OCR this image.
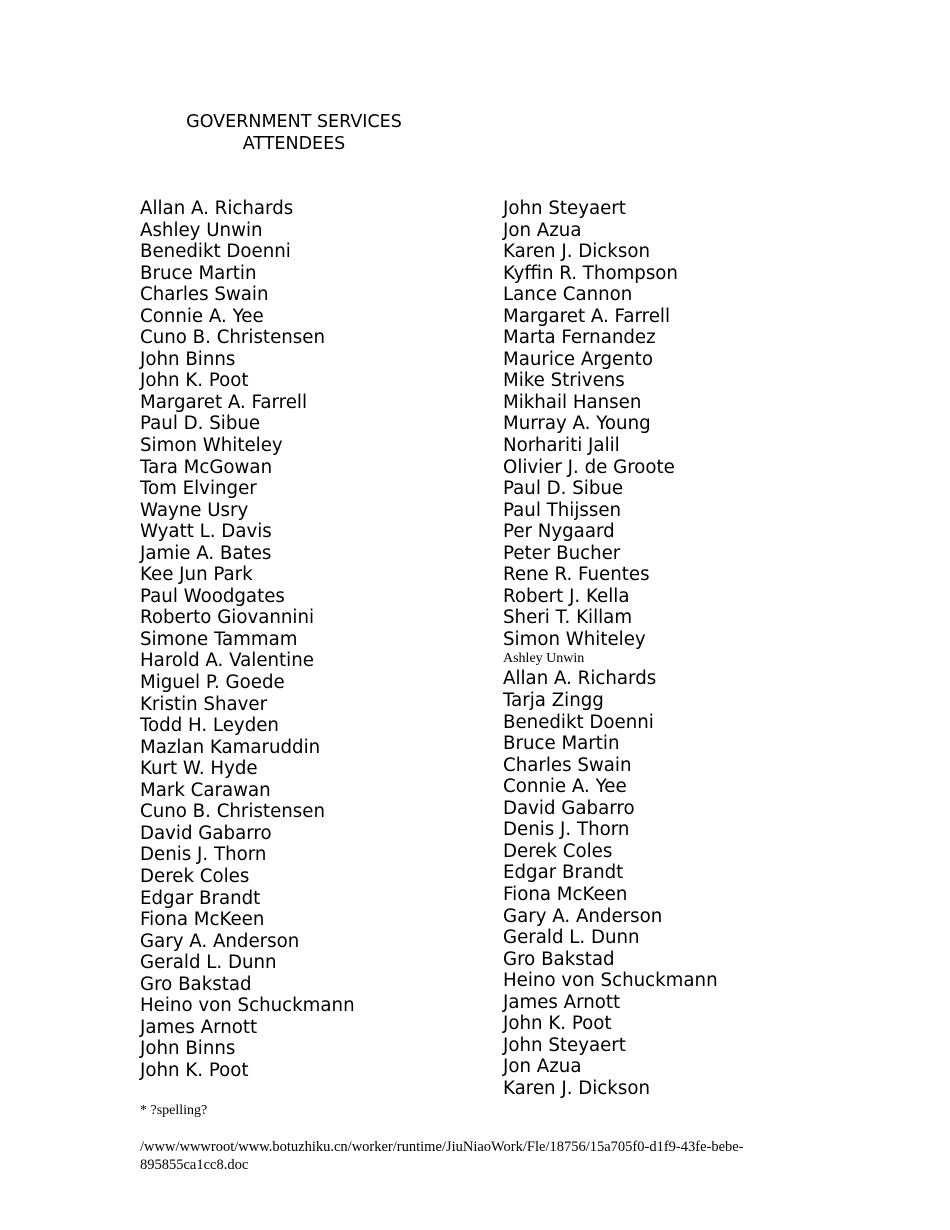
GOVERNMENT SERVICES
ATTENDEES
Allan A. Richards
Ashley Unwin
Benedikt Doenni
Bruce Martin
Charles Swain
Connie A. Yee
Cuno B. Christensen
John Binns
John K. Poot
Margaret A. Farrell
Paul D. Sibue
Simon Whiteley
Tara McGowan
Tom Elvinger
Wayne Usry
Wyatt L. Davis
Jamie A. Bates
Kee Jun Park
Paul Woodgates
Roberto Giovannini
Simone Tammam
Harold A. Valentine
Miguel P. Goede
Kristin Shaver
Todd H. Leyden
Mazlan Kamaruddin
Kurt W. Hyde
Mark Carawan
Cuno B. Christensen
David Gabarro
Denis J. Thorn
Derek Coles
Edgar Brandt
Fiona McKeen
Gary A. Anderson
Gerald L. Dunn
Gro Bakstad
Heino von Schuckmann
James Arnott
John Binns
John K. Poot
John Steyaert
Jon Azua
Karen J. Dickson
Kyffin R. Thompson
Lance Cannon
Margaret A. Farrell
Marta Fernandez
Maurice Argento
Mike Strivens
Mikhail Hansen
Murray A. Young
Norhariti Jalil
Olivier J. de Groote
Paul D. Sibue
Paul Thijssen
Per Nygaard
Peter Bucher
Rene R. Fuentes
Robert J. Kella
Sheri T. Killam
Simon Whiteley
Ashley Unwin
Allan A. Richards
Tarja Zingg
Benedikt Doenni
Bruce Martin
Charles Swain
Connie A. Yee
David Gabarro
Denis J. Thorn
Derek Coles
Edgar Brandt
Fiona McKeen
Gary A. Anderson
Gerald L. Dunn
Gro Bakstad
Heino von Schuckmann
James Arnott
John K. Poot
John Steyaert
Jon Azua
Karen J. Dickson
* ?spelling?
/www/wwwroot/www.botuzhiku.cn/worker/runtime/JiuNiaoWork/Fle/18756/15a705f0-d1f9-43fe-bebe-
895855ca1cc8.doc
